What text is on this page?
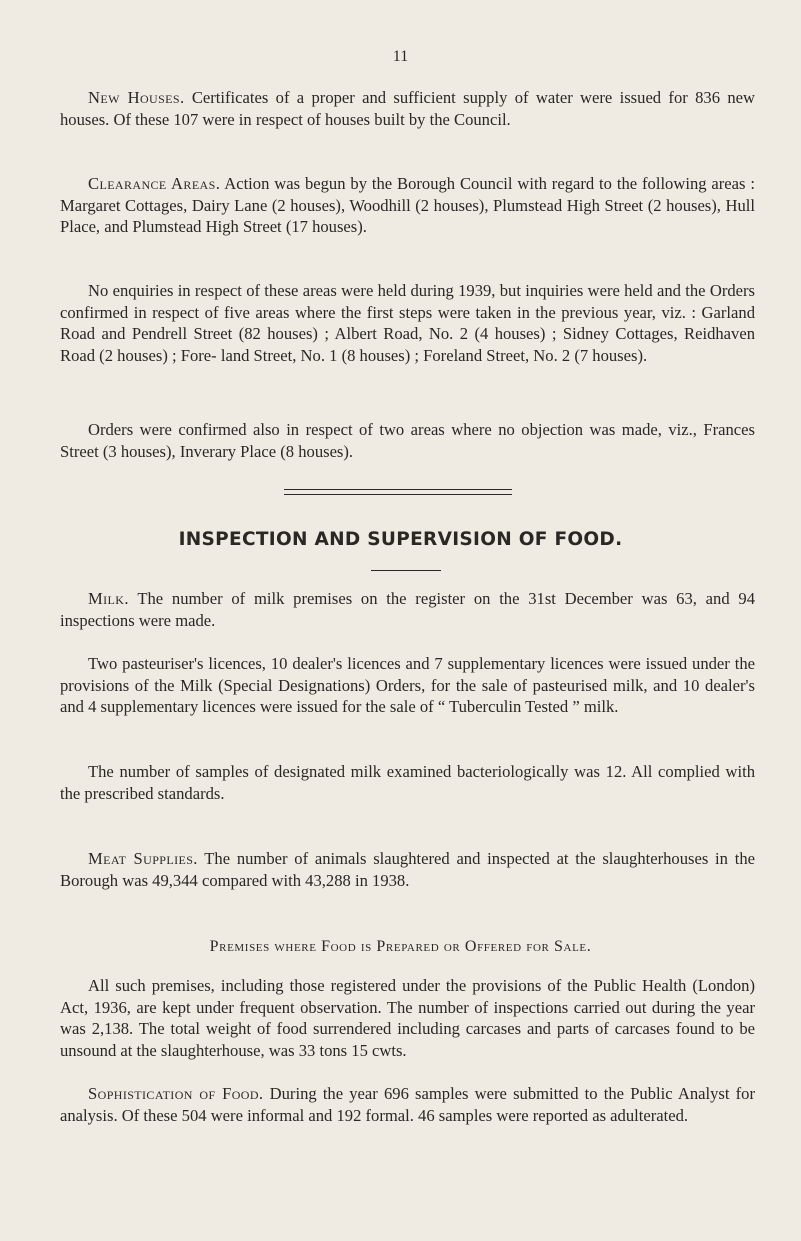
11

New Houses. Certificates of a proper and sufficient supply of water were issued for 836 new houses. Of these 107 were in respect of houses built by the Council.

Clearance Areas. Action was begun by the Borough Council with regard to the following areas : Margaret Cottages, Dairy Lane (2 houses), Woodhill (2 houses), Plumstead High Street (2 houses), Hull Place, and Plumstead High Street (17 houses).

No enquiries in respect of these areas were held during 1939, but inquiries were held and the Orders confirmed in respect of five areas where the first steps were taken in the previous year, viz. : Garland Road and Pendrell Street (82 houses) ; Albert Road, No. 2 (4 houses) ; Sidney Cottages, Reidhaven Road (2 houses) ; Fore- land Street, No. 1 (8 houses) ; Foreland Street, No. 2 (7 houses).

Orders were confirmed also in respect of two areas where no objection was made, viz., Frances Street (3 houses), Inverary Place (8 houses).

INSPECTION AND SUPERVISION OF FOOD.

Milk. The number of milk premises on the register on the 31st December was 63, and 94 inspections were made.

Two pasteuriser's licences, 10 dealer's licences and 7 supplementary licences were issued under the provisions of the Milk (Special Designations) Orders, for the sale of pasteurised milk, and 10 dealer's and 4 supplementary licences were issued for the sale of “ Tuberculin Tested ” milk.

The number of samples of designated milk examined bacteriologically was 12. All complied with the prescribed standards.

Meat Supplies. The number of animals slaughtered and inspected at the slaughterhouses in the Borough was 49,344 compared with 43,288 in 1938.

Premises where Food is Prepared or Offered for Sale.

All such premises, including those registered under the provisions of the Public Health (London) Act, 1936, are kept under frequent observation. The number of inspections carried out during the year was 2,138. The total weight of food surrendered including carcases and parts of carcases found to be unsound at the slaughterhouse, was 33 tons 15 cwts.

Sophistication of Food. During the year 696 samples were submitted to the Public Analyst for analysis. Of these 504 were informal and 192 formal. 46 samples were reported as adulterated.
